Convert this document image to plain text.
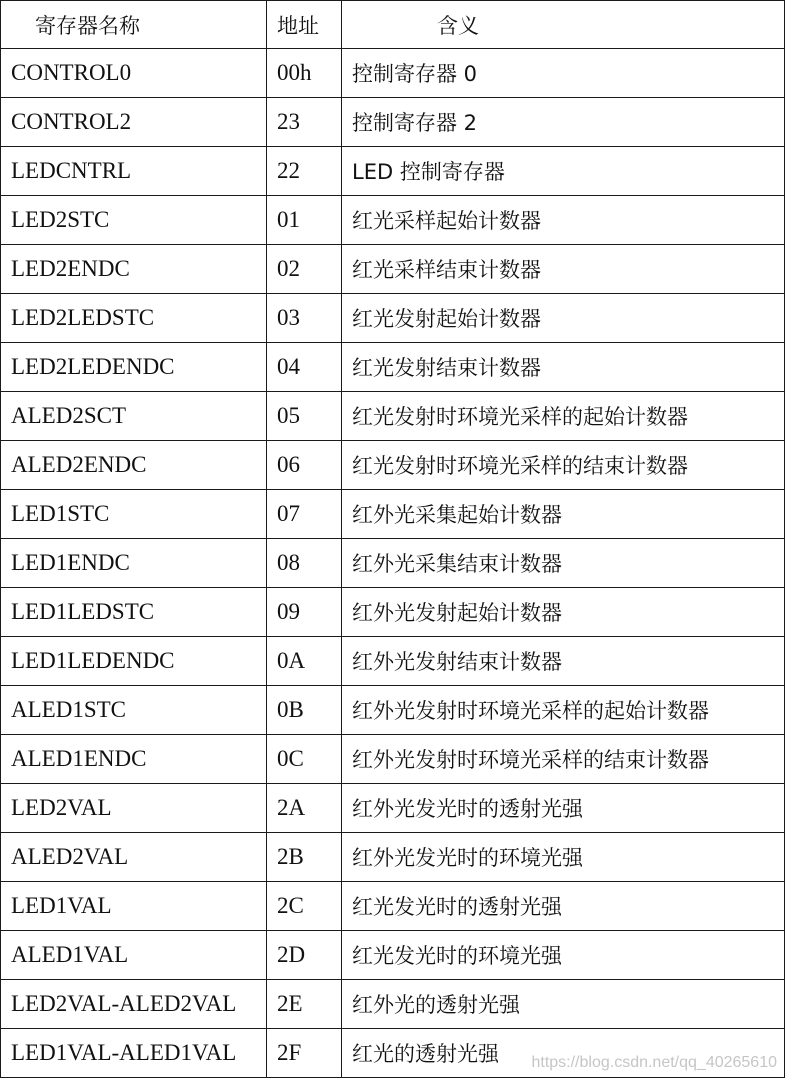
寄存器名称	地址	含义
CONTROL0	00h	控制寄存器 0
CONTROL2	23	控制寄存器 2
LEDCNTRL	22	LED 控制寄存器
LED2STC	01	红光采样起始计数器
LED2ENDC	02	红光采样结束计数器
LED2LEDSTC	03	红光发射起始计数器
LED2LEDENDC	04	红光发射结束计数器
ALED2SCT	05	红光发射时环境光采样的起始计数器
ALED2ENDC	06	红光发射时环境光采样的结束计数器
LED1STC	07	红外光采集起始计数器
LED1ENDC	08	红外光采集结束计数器
LED1LEDSTC	09	红外光发射起始计数器
LED1LEDENDC	0A	红外光发射结束计数器
ALED1STC	0B	红外光发射时环境光采样的起始计数器
ALED1ENDC	0C	红外光发射时环境光采样的结束计数器
LED2VAL	2A	红外光发光时的透射光强
ALED2VAL	2B	红外光发光时的环境光强
LED1VAL	2C	红光发光时的透射光强
ALED1VAL	2D	红光发光时的环境光强
LED2VAL-ALED2VAL	2E	红外光的透射光强
LED1VAL-ALED1VAL	2F	红光的透射光强 https://blog.csdn.net/qq_40265610
